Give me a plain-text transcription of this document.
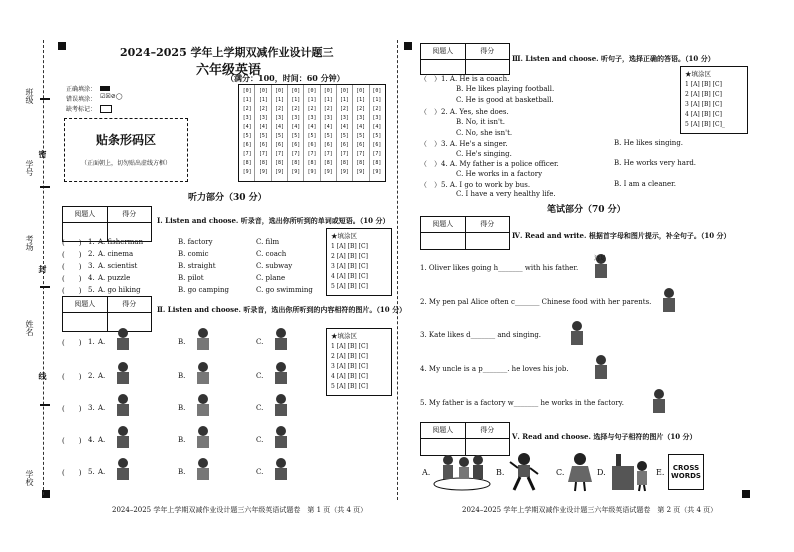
班级
学号
考场
姓名
学校
密
封
线
2024–2025 学年上学期双减作业设计题三
六年级英语
（满分：100，时间：60 分钟）
正确填涂：
错误填涂： ☑☒⊘◯
缺考标记：
贴条形码区
（正面朝上，切勿贴出虚线方框）
[0]	[0]	[0]	[0]	[0]	[0]	[0]	[0]	[0]
[1]	[1]	[1]	[1]	[1]	[1]	[1]	[1]	[1]
[2]	[2]	[2]	[2]	[2]	[2]	[2]	[2]	[2]
[3]	[3]	[3]	[3]	[3]	[3]	[3]	[3]	[3]
[4]	[4]	[4]	[4]	[4]	[4]	[4]	[4]	[4]
[5]	[5]	[5]	[5]	[5]	[5]	[5]	[5]	[5]
[6]	[6]	[6]	[6]	[6]	[6]	[6]	[6]	[6]
[7]	[7]	[7]	[7]	[7]	[7]	[7]	[7]	[7]
[8]	[8]	[8]	[8]	[8]	[8]	[8]	[8]	[8]
[9]	[9]	[9]	[9]	[9]	[9]	[9]	[9]	[9]
听力部分（30 分）
阅题人	得分
Ⅰ. Listen and choose. 听录音，选出你所听到的单词或短语。（10 分）
(　　) 1. A. fisherman	B. factory	C. film
(　　) 2. A. cinema	B. comic	C. coach
(　　) 3. A. scientist	B. straight	C. subway
(　　) 4. A. puzzle	B. pilot	C. plane
(　　) 5. A. go hiking	B. go camping	C. go swimming
★填涂区
1 [A] [B] [C]
2 [A] [B] [C]
3 [A] [B] [C]
4 [A] [B] [C]
5 [A] [B] [C]
阅题人	得分
Ⅱ. Listen and choose. 听录音，选出你所听到的内容相符的图片。（10 分）
(　　) 1. A.	B.	C.
(　　) 2. A.	B.	C.
(　　) 3. A.	B.	C.
(　　) 4. A.	B.	C.
(　　) 5. A.	B.	C.
★填涂区
1 [A] [B] [C]
2 [A] [B] [C]
3 [A] [B] [C]
4 [A] [B] [C]
5 [A] [B] [C]
2024–2025 学年上学期双减作业设计题三六年级英语试题卷　第 1 页（共 4 页）
阅题人	得分
Ⅲ. Listen and choose. 听句子，选择正确的答语。（10 分）
（　）1. A. He is a coach.
B. He likes playing football.
C. He is good at basketball.
（　）2. A. Yes, she does.
B. No, it isn't.
C. No, she isn't.
（　）3. A. He's a singer.
C. He's singing.
B. He likes singing.
（　）4. A. My father is a police officer.
C. He works in a factory
B. He works very hard.
（　）5. A. I go to work by bus.
C. I have a very healthy life.
B. I am a cleaner.
★填涂区
1 [A] [B] [C]
2 [A] [B] [C]
3 [A] [B] [C]
4 [A] [B] [C]
5 [A] [B] [C]_
笔试部分（70 分）
阅题人	得分
Ⅳ. Read and write. 根据首字母和图片提示，补全句子。（10 分）
1. Oliver likes going h_______ with his father.
2. My pen pal Alice often c_______ Chinese food with her parents.
3. Kate likes d_______ and singing.
4. My uncle is a p_______. he loves his job.
5. My father is a factory w_______ he works in the factory.
远足
阅题人	得分
Ⅴ. Read and choose. 选择与句子相符的图片（10 分）
A.	B.	C.	D.	E.	CROSS WORDS
2024–2025 学年上学期双减作业设计题三六年级英语试题卷　第 2 页（共 4 页）
